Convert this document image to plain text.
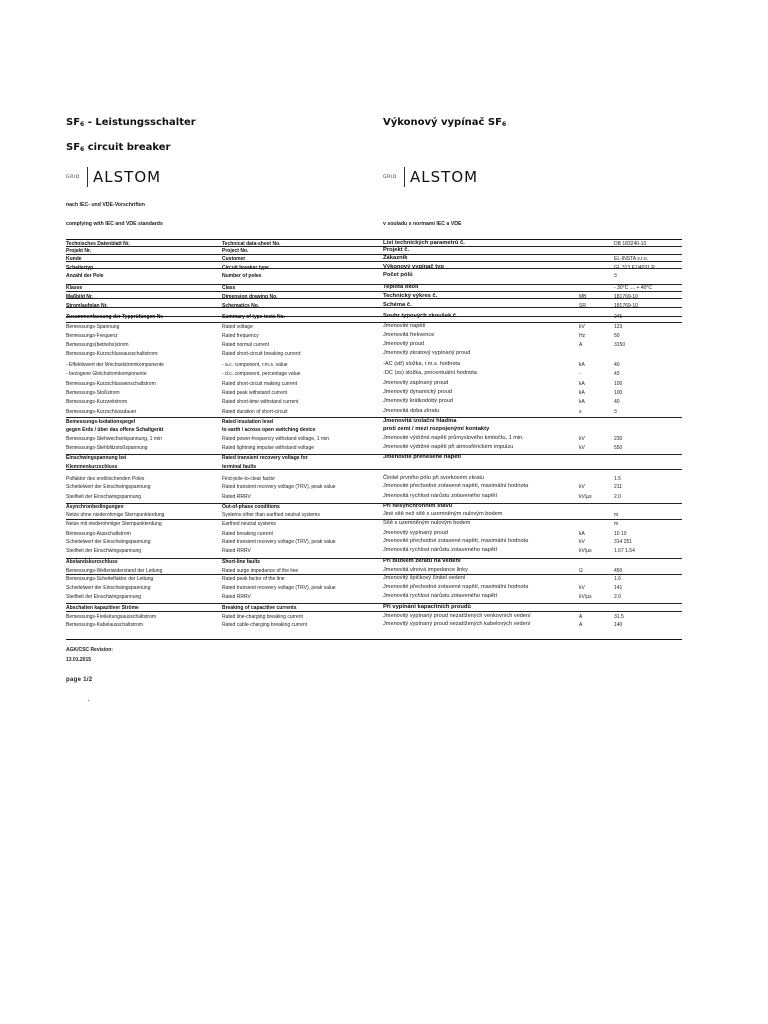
$SF_6$ - Leistungsschalter
$SF_6$ circuit breaker
GRID ALSTOM
Výkonový vypínač $SF_6$
GRID ALSTOM
nach IEC- und VDE-Vorschriften
complying with IEC and VDE standards	v souladu s normami IEC a VDE
Technisches Datenblatt Nr.	Technical data-sheet No.	List technických parametrů č.	DB 183240-10
Projekt Nr.	Project No.	Projekt č.
Kunde	Customer	Zákazník	EL-INSTA s.r.o.
Schaltertyp	Circuit breaker type	Výkonový vypínač typ	GL 313 F1/4031 P
Anzahl der Pole	Number of poles	Počet pólů	3
Klasse	Class	Teplota okolí	- 30°C .... + 40°C
Maßbild Nr.	Dimension drawing No.	Technický výkres č.	MB	181769-10
Stromlaufplan Nr.	Schematics No.	Schéma č.	SR	181769-10
Zusammenfassung der Typprüfungen Nr.	Summary of type tests No.	Souhr typových zkoušek č.	246
Bemessungs-Spannung	Rated voltage	Jmenovité napětí	kV	123
Bemessungs-Frequenz	Rated frequency	Jmenovitá frekvence	Hz	50
Bemessungs(betriebs)strom	Rated normal current	Jmenovitý proud	A	3150
Bemessungs-Kurzschlussausschaltstrom:	Rated short-circuit breaking current:	Jmenovitý zkratový vypínaný proud
- Effektivwert der Wechselstromkomponente	- a.c. component, r.m.s. value	-AC (stř) složka, r.m.s. hodnota	kA	40
- bezogene Gleichstromkomponente	- d.c. component, percentage value	-DC (ss) složka, procentuální hodnota	-	43
Bemessungs-Kurzschlusseinschaltstrom	Rated short-circuit making current	Jmenovitý zapínaný proud	kA	100
Bemessungs-Stoßstrom	Rated peak withstand current	Jmenovitý dynamický proud	kA	100
Bemessungs-Kurzzeitstrom	Rated short-time withstand current	Jmenovitý krátkodobý proud	kA	40
Bemessungs-Kurzschlussdauer	Rated duration of short-circuit	Jmenovitá doba zkratu	s	3
Bemessungs-Isolationspegel	Rated insulation level	Jmenovitá izolační hladina
gegen Erde / über das offene Schaltgerät	to earth / across open switching device	proti zemi / mezi rozpojenými kontakty
Bemessungs-Stehwechselspannung, 1 min	Rated power-frequency withstand voltage, 1 min	Jmenovité výdržné napětí průmyslového kmitočtu, 1 min.	kV	230
Bemessungs-Stehblitzstoßspannung	Rated lightning impulse withstand voltage	Jmenovité výdržné napětí při atmosférickém impulzu	kV	550
Einschwingspannung bei	Rated transient recovery voltage for	Jmenovité přenesené napětí
Klemmenkurzschluss	terminal faults
Polfaktor des erstlöschenden Poles	First-pole-to-clear factor	Činitel prvního pólu při svorkovém zkratu	1.5
Scheitelwert der Einschwingspannung	Rated transient recovery voltage (TRV), peak value	Jmenovité přechodné zotavené napětí, maximální hodnota	kV	211
Steilheit der Einschwingspannung	Rated RRRV	Jmenovitá rychlost nárůstu zotaveného napětí	kV/µs	2.0
Asynchronbedingungen	Out-of-phase conditions	Při nesynchronním stavu
Netze ohne niederohmige Sternpunkterdung	Systems other than earthed neutral systems	Jiné sítě než sítě s uzemněným nulovým bodem	m
Netze mit niederohmiger Sternpunkterdung	Earthed neutral systems	Sítě s uzemněným nulovým bodem	m
Bemessungs-Ausschaltstrom	Rated breaking current	Jmenovitý vypínaný proud	kA	10 10
Scheitelwert der Einschwingspannung	Rated transient recovery voltage (TRV), peak value	Jmenovité přechodné zotavené napětí, maximální hodnota	kV	314 251
Steilheit der Einschwingspannung	Rated RRRV	Jmenovitá rychlost nárůstu zotaveného napětí	kV/µs	1.67 1.54
Abstandskurzschluss	Short-line faults	Při blízkém zkratu na vedení
Bemessungs-Wellenwiderstand der Leitung	Rated surge impedance of the line	Jmenovitá vlnová impedance linky	Ω	450
Bemessungs-Scheitelfaktor der Leitung	Rated peak factor of the line	Jmenovitý špičkový činitel vedení	1.6
Scheitelwert der Einschwingspannung	Rated transient recovery voltage (TRV), peak value	Jmenovité přechodné zotavené napětí, maximální hodnota	kV	141
Steilheit der Einschwingspannung	Rated RRRV	Jmenovitá rychlost nárůstu zotaveného napětí	kV/µs	2.0
Abschalten kapazitiver Ströme	Breaking of capacitive currents	Při vypínání kapacitních proudů
Bemessungs-Freileitungsausschaltstrom	Rated line-charging breaking current	Jmenovitý vypínaný proud nezatížených venkovních vedení	A	31.5
Bemessungs-Kabelausschaltstrom	Rated cable-charging breaking current	Jmenovitý vypínaný proud nezatížených kabelových vedení	A	140
AGK/CSC Revision:
13.01.2015
page 1/2
